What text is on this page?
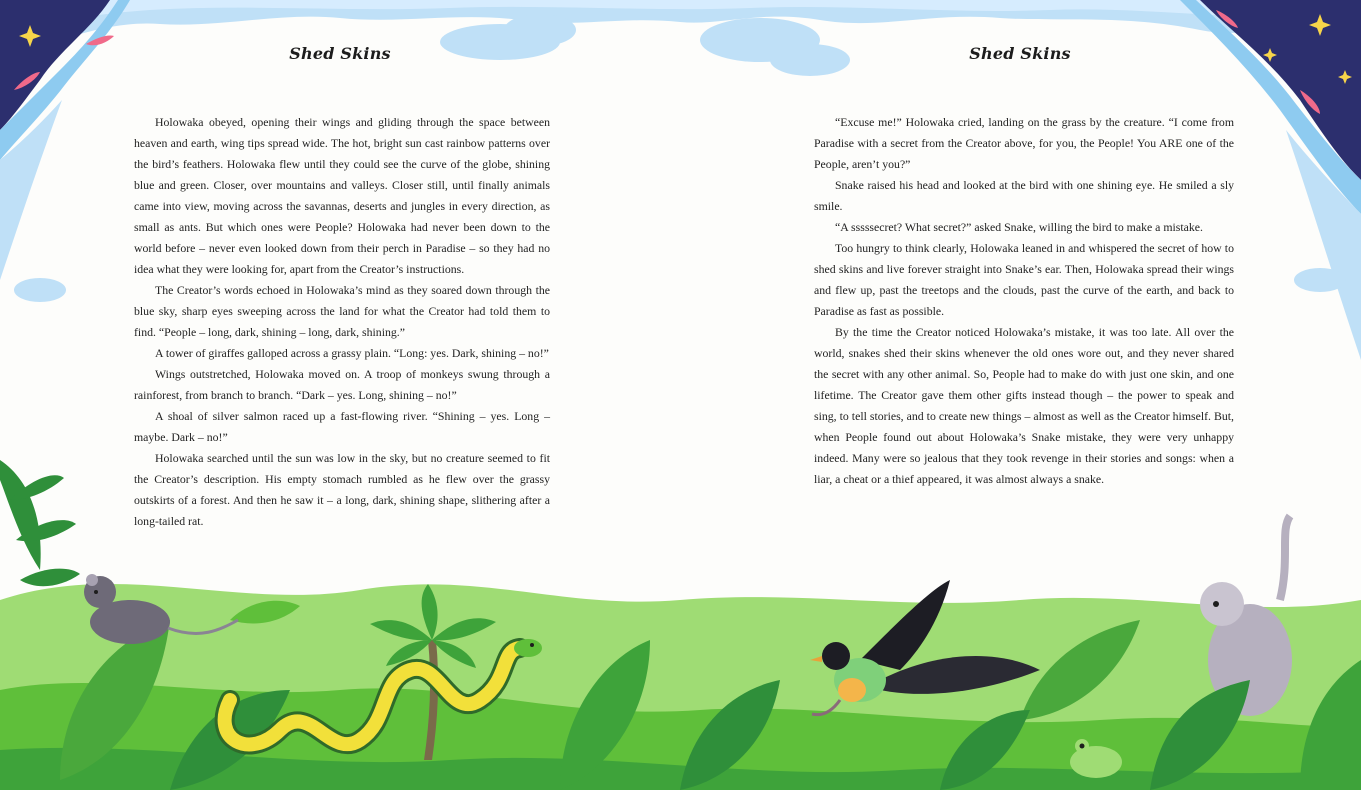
Shed Skins

Holowaka obeyed, opening their wings and gliding through the space between heaven and earth, wing tips spread wide. The hot, bright sun cast rainbow patterns over the bird’s feathers. Holowaka flew until they could see the curve of the globe, shining blue and green. Closer, over mountains and valleys. Closer still, until finally animals came into view, moving across the savannas, deserts and jungles in every direction, as small as ants. But which ones were People? Holowaka had never been down to the world before – never even looked down from their perch in Paradise – so they had no idea what they were looking for, apart from the Creator’s instructions.

The Creator’s words echoed in Holowaka’s mind as they soared down through the blue sky, sharp eyes sweeping across the land for what the Creator had told them to find. “People – long, dark, shining – long, dark, shining.”

A tower of giraffes galloped across a grassy plain. “Long: yes. Dark, shining – no!”

Wings outstretched, Holowaka moved on. A troop of monkeys swung through a rainforest, from branch to branch. “Dark – yes. Long, shining – no!”

A shoal of silver salmon raced up a fast-flowing river. “Shining – yes. Long – maybe. Dark – no!”

Holowaka searched until the sun was low in the sky, but no creature seemed to fit the Creator’s description. His empty stomach rumbled as he flew over the grassy outskirts of a forest. And then he saw it – a long, dark, shining shape, slithering after a long-tailed rat.

Shed Skins

“Excuse me!” Holowaka cried, landing on the grass by the creature. “I come from Paradise with a secret from the Creator above, for you, the People! You ARE one of the People, aren’t you?”

Snake raised his head and looked at the bird with one shining eye. He smiled a sly smile.

“A sssssecret? What secret?” asked Snake, willing the bird to make a mistake.

Too hungry to think clearly, Holowaka leaned in and whispered the secret of how to shed skins and live forever straight into Snake’s ear. Then, Holowaka spread their wings and flew up, past the treetops and the clouds, past the curve of the earth, and back to Paradise as fast as possible.

By the time the Creator noticed Holowaka’s mistake, it was too late. All over the world, snakes shed their skins whenever the old ones wore out, and they never shared the secret with any other animal. So, People had to make do with just one skin, and one lifetime. The Creator gave them other gifts instead though – the power to speak and sing, to tell stories, and to create new things – almost as well as the Creator himself. But, when People found out about Holowaka’s Snake mistake, they were very unhappy indeed. Many were so jealous that they took revenge in their stories and songs: when a liar, a cheat or a thief appeared, it was almost always a snake.
